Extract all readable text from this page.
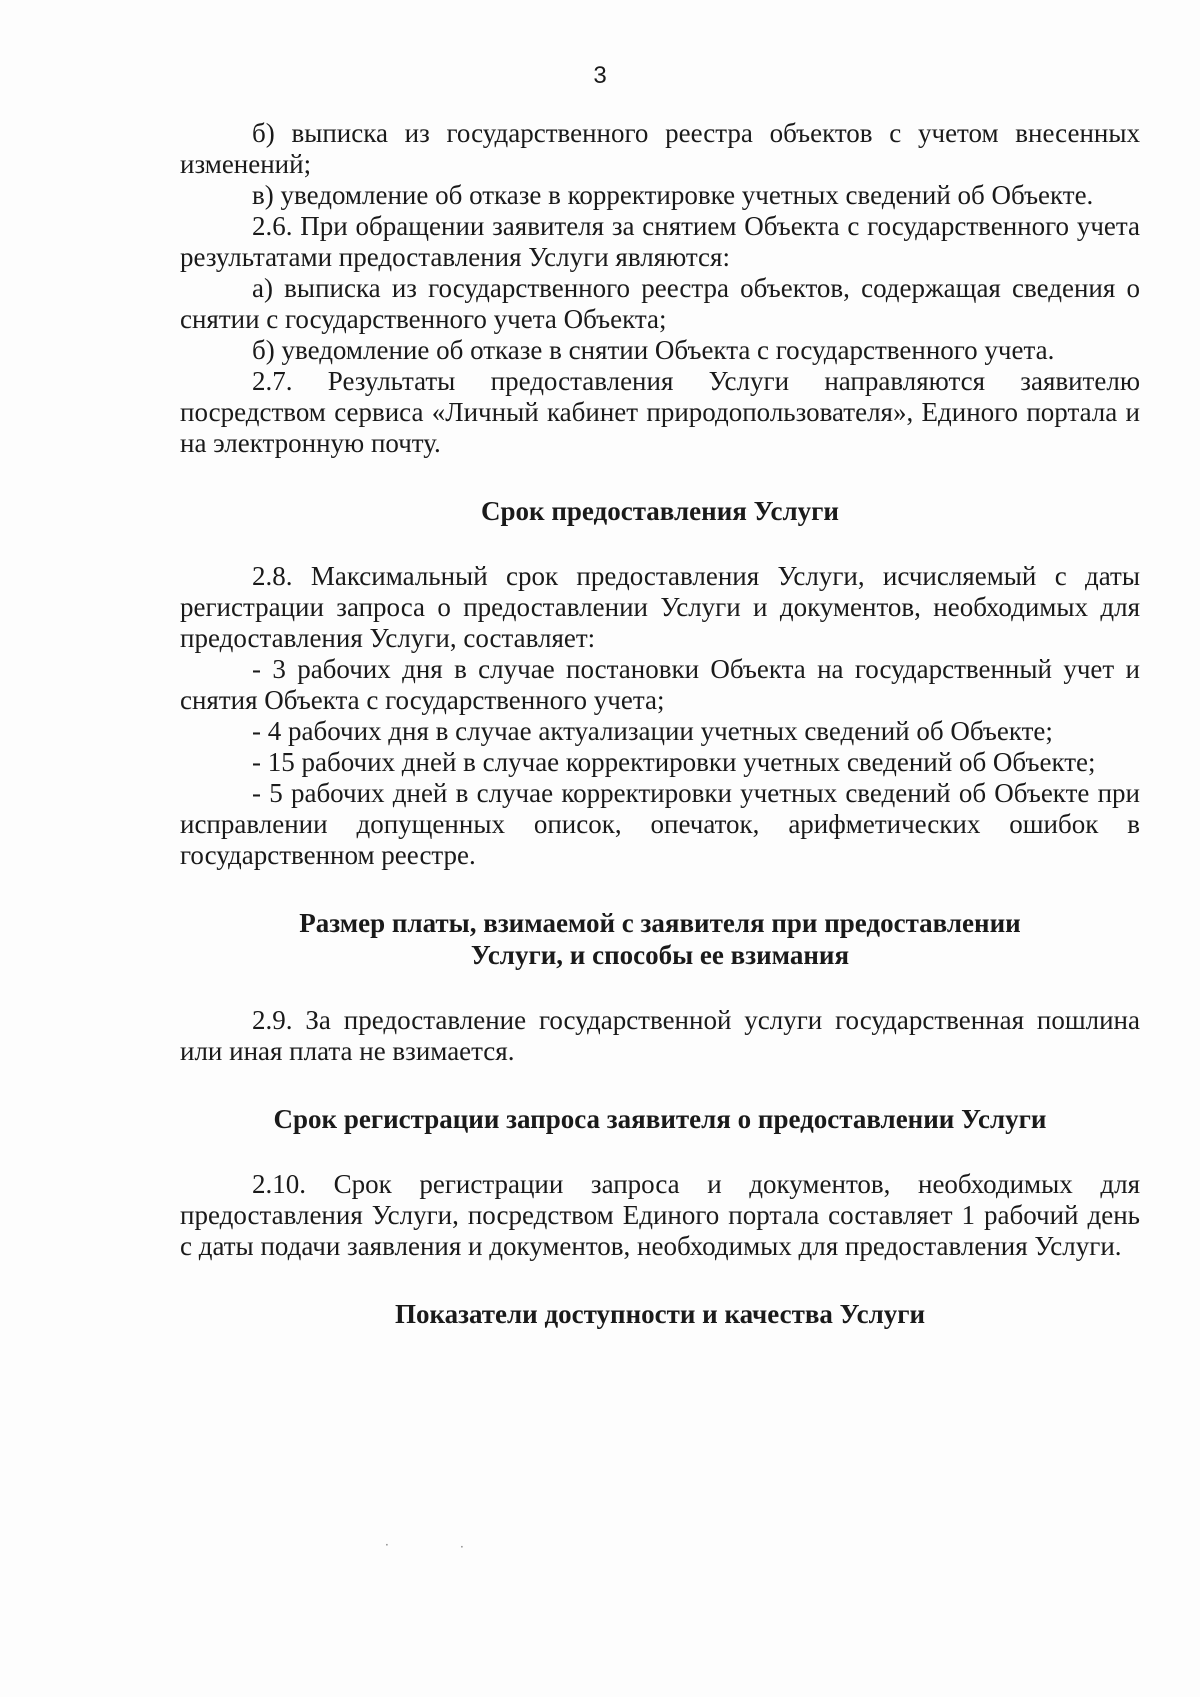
3

б) выписка из государственного реестра объектов с учетом внесенных изменений;

в) уведомление об отказе в корректировке учетных сведений об Объекте.

2.6. При обращении заявителя за снятием Объекта с государственного учета результатами предоставления Услуги являются:

а) выписка из государственного реестра объектов, содержащая сведения о снятии с государственного учета Объекта;

б) уведомление об отказе в снятии Объекта с государственного учета.

2.7. Результаты предоставления Услуги направляются заявителю посредством сервиса «Личный кабинет природопользователя», Единого портала и на электронную почту.

Срок предоставления Услуги

2.8. Максимальный срок предоставления Услуги, исчисляемый с даты регистрации запроса о предоставлении Услуги и документов, необходимых для предоставления Услуги, составляет:

- 3 рабочих дня в случае постановки Объекта на государственный учет и снятия Объекта с государственного учета;

- 4 рабочих дня в случае актуализации учетных сведений об Объекте;

- 15 рабочих дней в случае корректировки учетных сведений об Объекте;

- 5 рабочих дней в случае корректировки учетных сведений об Объекте при исправлении допущенных описок, опечаток, арифметических ошибок в государственном реестре.

Размер платы, взимаемой с заявителя при предоставлении
Услуги, и способы ее взимания

2.9. За предоставление государственной услуги государственная пошлина или иная плата не взимается.

Срок регистрации запроса заявителя о предоставлении Услуги

2.10. Срок регистрации запроса и документов, необходимых для предоставления Услуги, посредством Единого портала составляет 1 рабочий день с даты подачи заявления и документов, необходимых для предоставления Услуги.

Показатели доступности и качества Услуги
·	·
